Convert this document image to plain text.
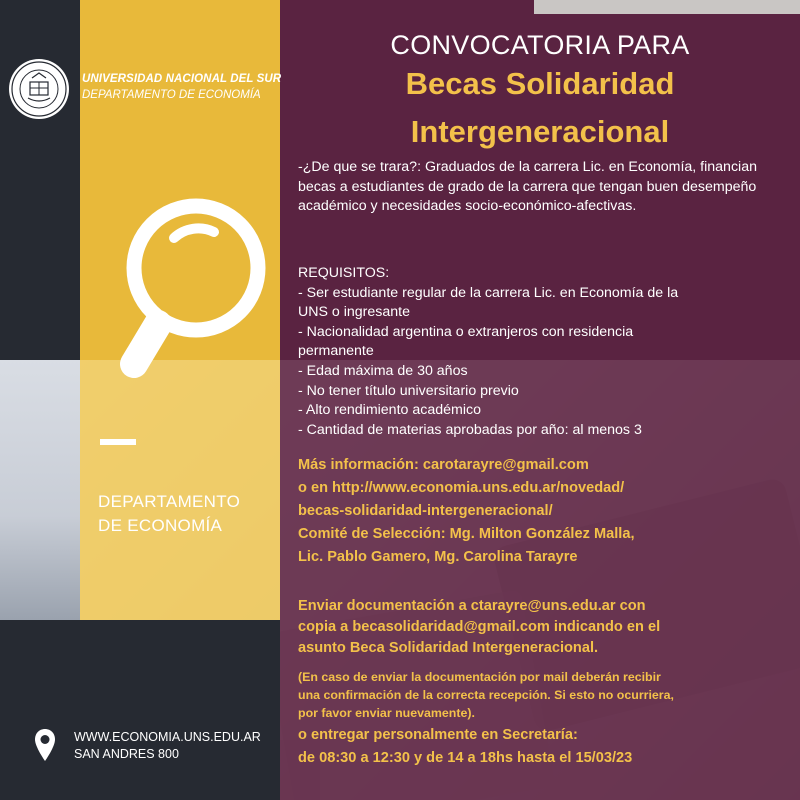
UNIVERSIDAD NACIONAL DEL SUR
DEPARTAMENTO DE ECONOMÍA
DEPARTAMENTO
DE ECONOMÍA
WWW.ECONOMIA.UNS.EDU.AR
SAN ANDRES 800
CONVOCATORIA PARA
Becas Solidaridad
Intergeneracional
-¿De que se trara?: Graduados de la carrera Lic. en Economía, financian becas a estudiantes de grado de la carrera que tengan buen desempeño académico y necesidades socio-económico-afectivas.
REQUISITOS:
- Ser estudiante regular de la carrera Lic. en Economía de la
UNS o ingresante
- Nacionalidad argentina o extranjeros con residencia
permanente
- Edad máxima de 30 años
- No tener título universitario previo
- Alto rendimiento académico
- Cantidad de materias aprobadas por año: al menos 3
Más información: carotarayre@gmail.com
o en http://www.economia.uns.edu.ar/novedad/
becas-solidaridad-intergeneracional/
Comité de Selección: Mg. Milton González Malla,
Lic. Pablo Gamero, Mg. Carolina Tarayre
Enviar documentación a ctarayre@uns.edu.ar con
copia a becasolidaridad@gmail.com indicando en el
asunto Beca Solidaridad Intergeneracional.
(En caso de enviar la documentación por mail deberán recibir
una confirmación de la correcta recepción. Si esto no ocurriera,
por favor enviar nuevamente).
o entregar personalmente en Secretaría:
de 08:30 a 12:30 y de 14 a 18hs hasta el 15/03/23
